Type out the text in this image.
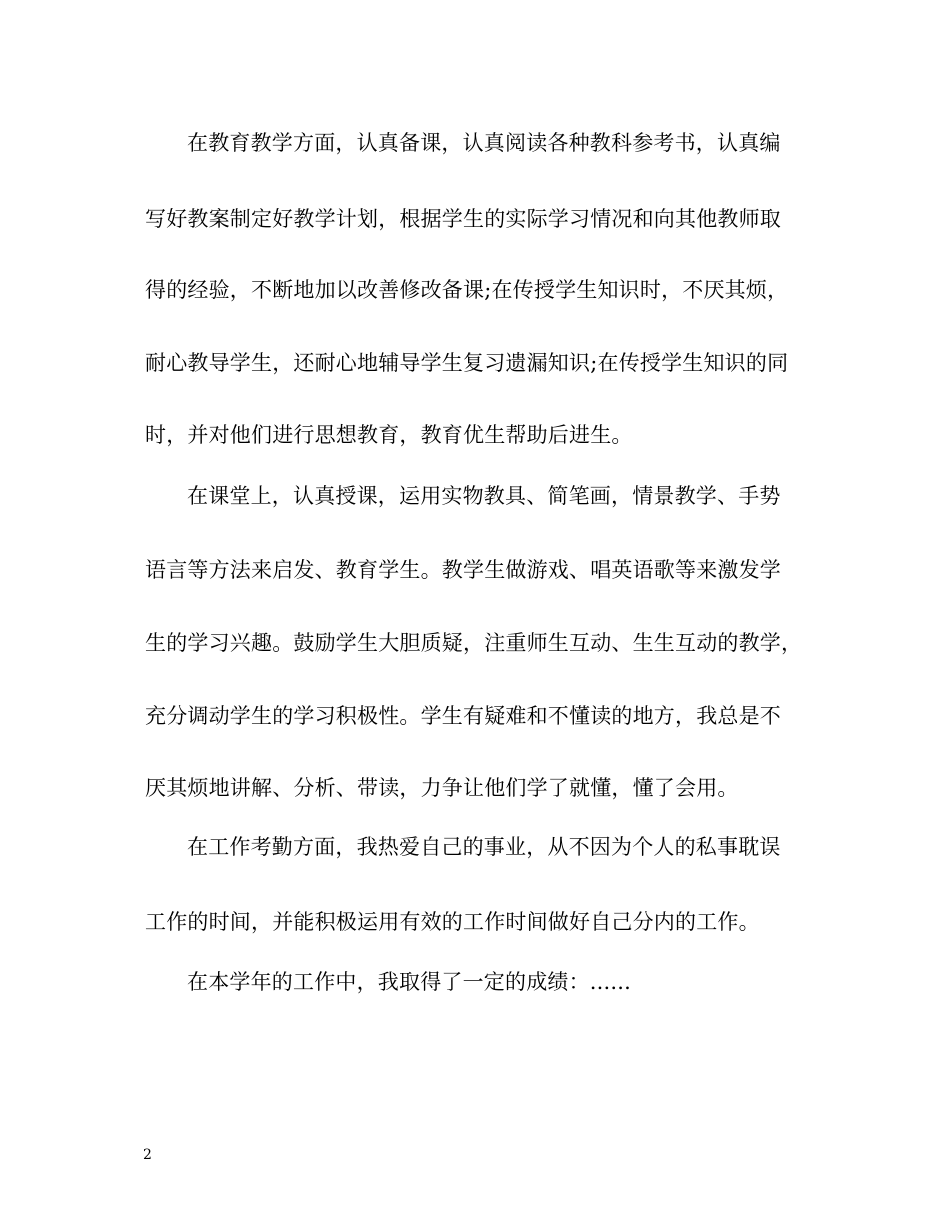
在教育教学方面，认真备课，认真阅读各种教科参考书，认真编
写好教案制定好教学计划，根据学生的实际学习情况和向其他教师取
得的经验，不断地加以改善修改备课;在传授学生知识时，不厌其烦，
耐心教导学生，还耐心地辅导学生复习遗漏知识;在传授学生知识的同
时，并对他们进行思想教育，教育优生帮助后进生。
在课堂上，认真授课，运用实物教具、简笔画，情景教学、手势
语言等方法来启发、教育学生。教学生做游戏、唱英语歌等来激发学
生的学习兴趣。鼓励学生大胆质疑，注重师生互动、生生互动的教学，
充分调动学生的学习积极性。学生有疑难和不懂读的地方，我总是不
厌其烦地讲解、分析、带读，力争让他们学了就懂，懂了会用。
在工作考勤方面，我热爱自己的事业，从不因为个人的私事耽误
工作的时间，并能积极运用有效的工作时间做好自己分内的工作。
在本学年的工作中，我取得了一定的成绩：......
2
